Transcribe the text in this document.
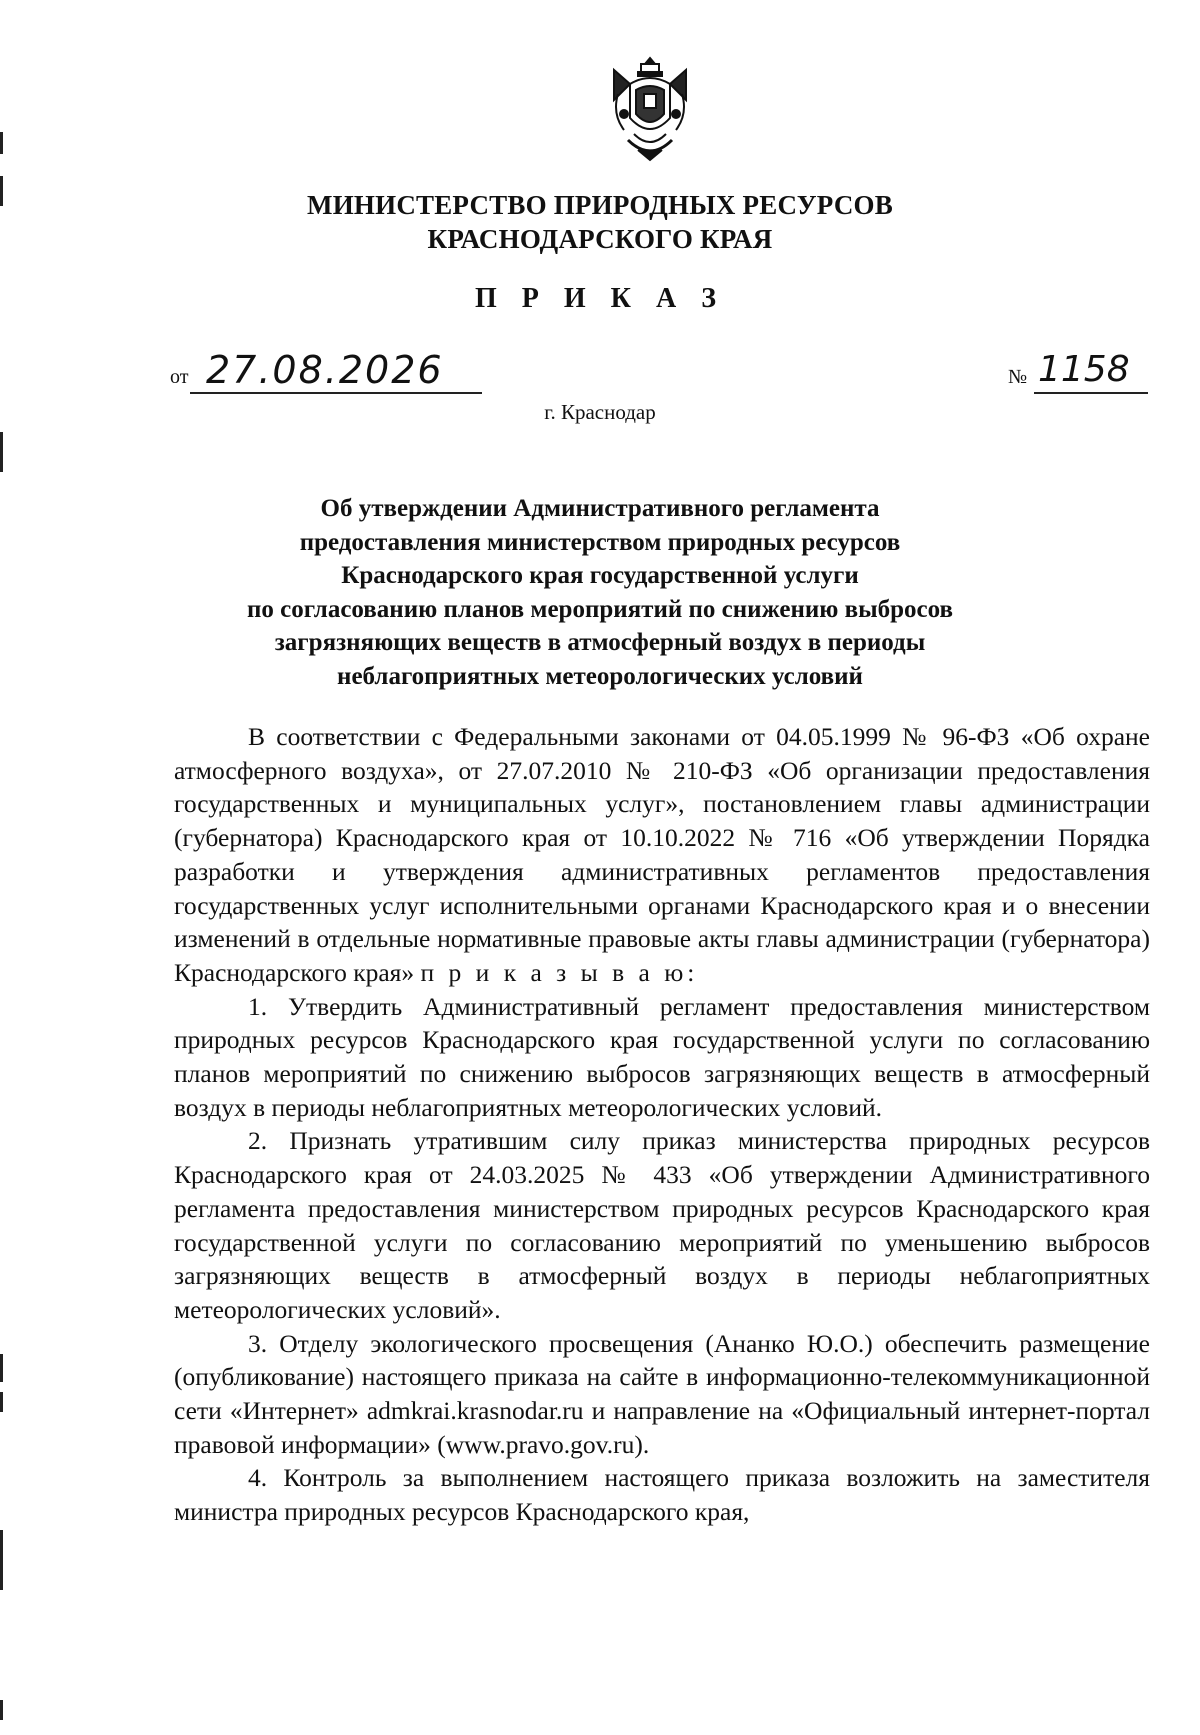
МИНИСТЕРСТВО ПРИРОДНЫХ РЕСУРСОВ
КРАСНОДАРСКОГО КРАЯ
П Р И К А З
от 27.08.2026	№ 1158
г. Краснодар
Об утверждении Административного регламента
предоставления министерством природных ресурсов
Краснодарского края государственной услуги
по согласованию планов мероприятий по снижению выбросов
загрязняющих веществ в атмосферный воздух в периоды
неблагоприятных метеорологических условий

В соответствии с Федеральными законами от 04.05.1999 № 96-ФЗ «Об охране атмосферного воздуха», от 27.07.2010 № 210-ФЗ «Об организации предоставления государственных и муниципальных услуг», постановлением главы администрации (губернатора) Краснодарского края от 10.10.2022 № 716 «Об утверждении Порядка разработки и утверждения административных регламентов предоставления государственных услуг исполнительными органами Краснодарского края и о внесении изменений в отдельные нормативные правовые акты главы администрации (губернатора) Краснодарского края» п р и к а з ы в а ю:

1. Утвердить Административный регламент предоставления министерством природных ресурсов Краснодарского края государственной услуги по согласованию планов мероприятий по снижению выбросов загрязняющих веществ в атмосферный воздух в периоды неблагоприятных метеорологических условий.

2. Признать утратившим силу приказ министерства природных ресурсов Краснодарского края от 24.03.2025 № 433 «Об утверждении Административного регламента предоставления министерством природных ресурсов Краснодарского края государственной услуги по согласованию мероприятий по уменьшению выбросов загрязняющих веществ в атмосферный воздух в периоды неблагоприятных метеорологических условий».

3. Отделу экологического просвещения (Ананко Ю.О.) обеспечить размещение (опубликование) настоящего приказа на сайте в информационно-телекоммуникационной сети «Интернет» admkrai.krasnodar.ru и направление на «Официальный интернет-портал правовой информации» (www.pravo.gov.ru).

4. Контроль за выполнением настоящего приказа возложить на заместителя министра природных ресурсов Краснодарского края,
